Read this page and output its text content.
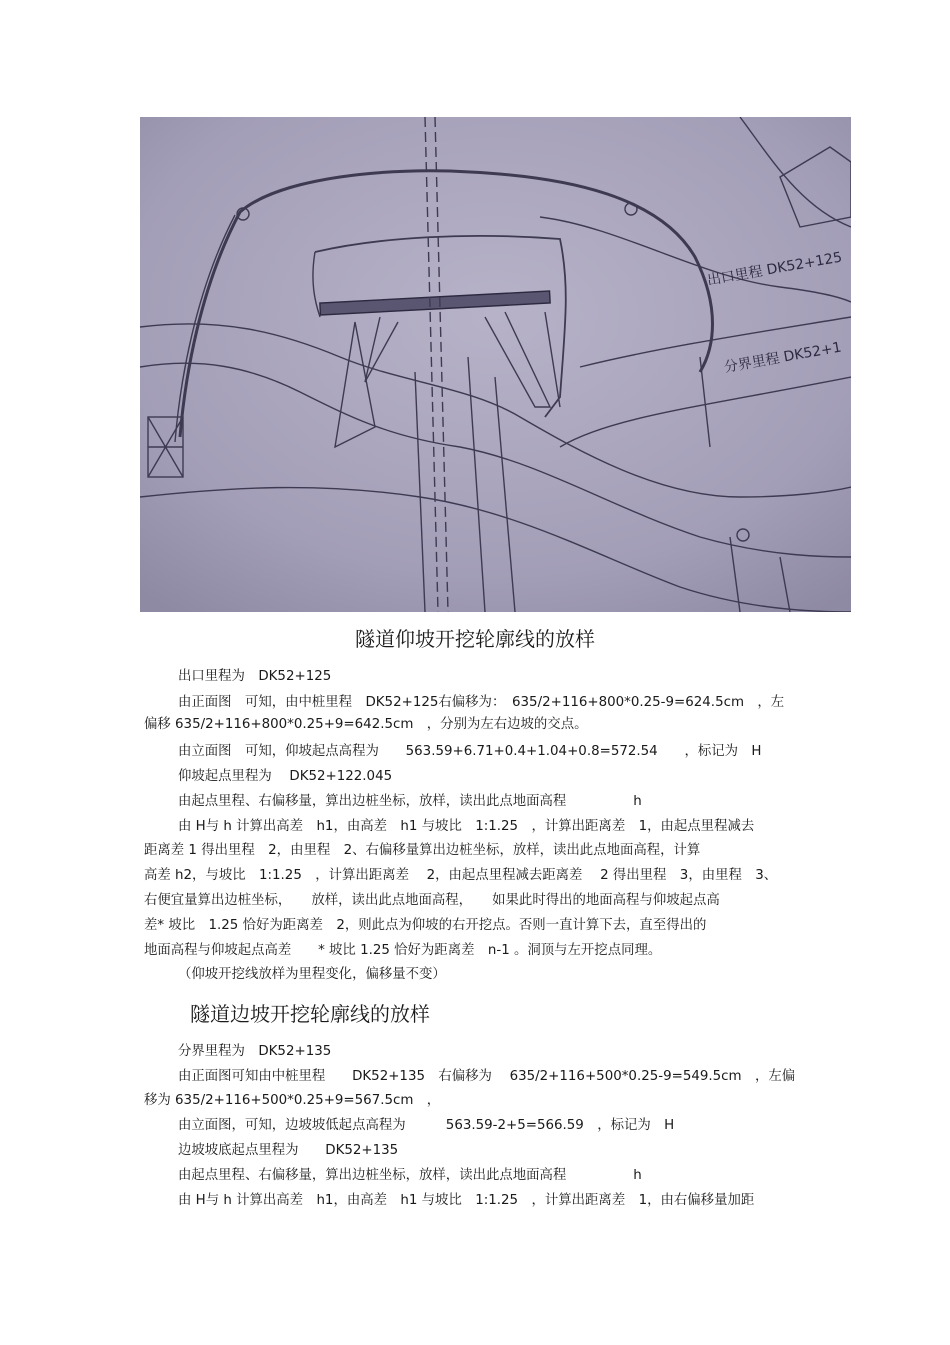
出口里程 DK52+125
分界里程 DK52+1
隧道仰坡开挖轮廓线的放样
出口里程为　DK52+125
由正面图　可知，由中桩里程　DK52+125右偏移为：　635/2+116+800*0.25-9=624.5cm　，左
偏移 635/2+116+800*0.25+9=642.5cm　，分别为左右边坡的交点。
由立面图　可知，仰坡起点高程为　　563.59+6.71+0.4+1.04+0.8=572.54　　，标记为　H
仰坡起点里程为　 DK52+122.045
由起点里程、右偏移量，算出边桩坐标，放样，读出此点地面高程　　　　　h
由 H与 h 计算出高差　h1，由高差　h1 与坡比　1:1.25　，计算出距离差　1，由起点里程减去
距离差 1 得出里程　2，由里程　2、右偏移量算出边桩坐标，放样，读出此点地面高程，计算
高差 h2，与坡比　1:1.25　，计算出距离差　 2，由起点里程减去距离差　 2 得出里程　3，由里程　3、
右便宜量算出边桩坐标，　　放样，读出此点地面高程，　　如果此时得出的地面高程与仰坡起点高
差* 坡比　1.25 恰好为距离差　2，则此点为仰坡的右开挖点。否则一直计算下去，直至得出的
地面高程与仰坡起点高差　　* 坡比 1.25 恰好为距离差　n-1 。洞顶与左开挖点同理。
（仰坡开挖线放样为里程变化，偏移量不变）
隧道边坡开挖轮廓线的放样
分界里程为　DK52+135
由正面图可知由中桩里程　　DK52+135　右偏移为　 635/2+116+500*0.25-9=549.5cm　，左偏
移为 635/2+116+500*0.25+9=567.5cm　，
由立面图，可知，边坡坡低起点高程为　　　563.59-2+5=566.59　，标记为　H
边坡坡底起点里程为　　DK52+135
由起点里程、右偏移量，算出边桩坐标，放样，读出此点地面高程　　　　　h
由 H与 h 计算出高差　h1，由高差　h1 与坡比　1:1.25　，计算出距离差　1，由右偏移量加距
